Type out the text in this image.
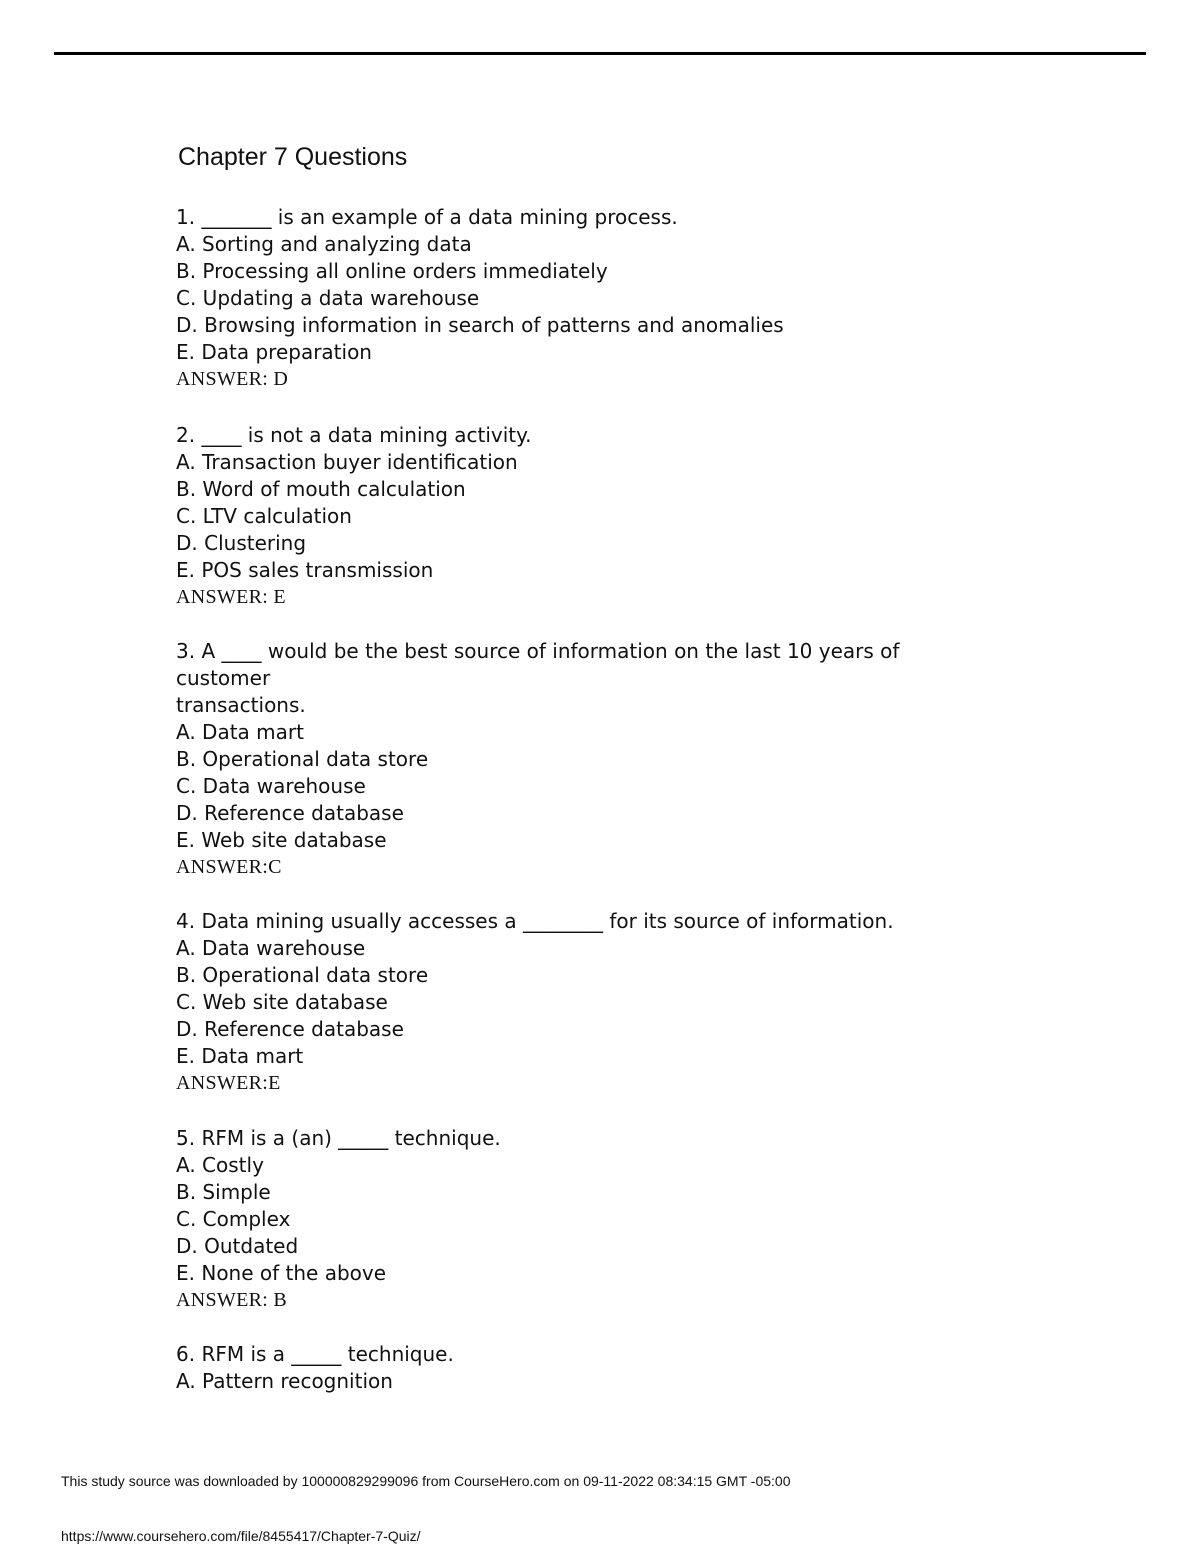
Chapter 7 Questions
1. _______ is an example of a data mining process.
A. Sorting and analyzing data
B. Processing all online orders immediately
C. Updating a data warehouse
D. Browsing information in search of patterns and anomalies
E. Data preparation
ANSWER: D
2. ____ is not a data mining activity.
A. Transaction buyer identification
B. Word of mouth calculation
C. LTV calculation
D. Clustering
E. POS sales transmission
ANSWER: E
3. A ____ would be the best source of information on the last 10 years of
customer
transactions.
A. Data mart
B. Operational data store
C. Data warehouse
D. Reference database
E. Web site database
ANSWER:C
4. Data mining usually accesses a ________ for its source of information.
A. Data warehouse
B. Operational data store
C. Web site database
D. Reference database
E. Data mart
ANSWER:E
5. RFM is a (an) _____ technique.
A. Costly
B. Simple
C. Complex
D. Outdated
E. None of the above
ANSWER: B
6. RFM is a _____ technique.
A. Pattern recognition
This study source was downloaded by 100000829299096 from CourseHero.com on 09-11-2022 08:34:15 GMT -05:00
https://www.coursehero.com/file/8455417/Chapter-7-Quiz/
